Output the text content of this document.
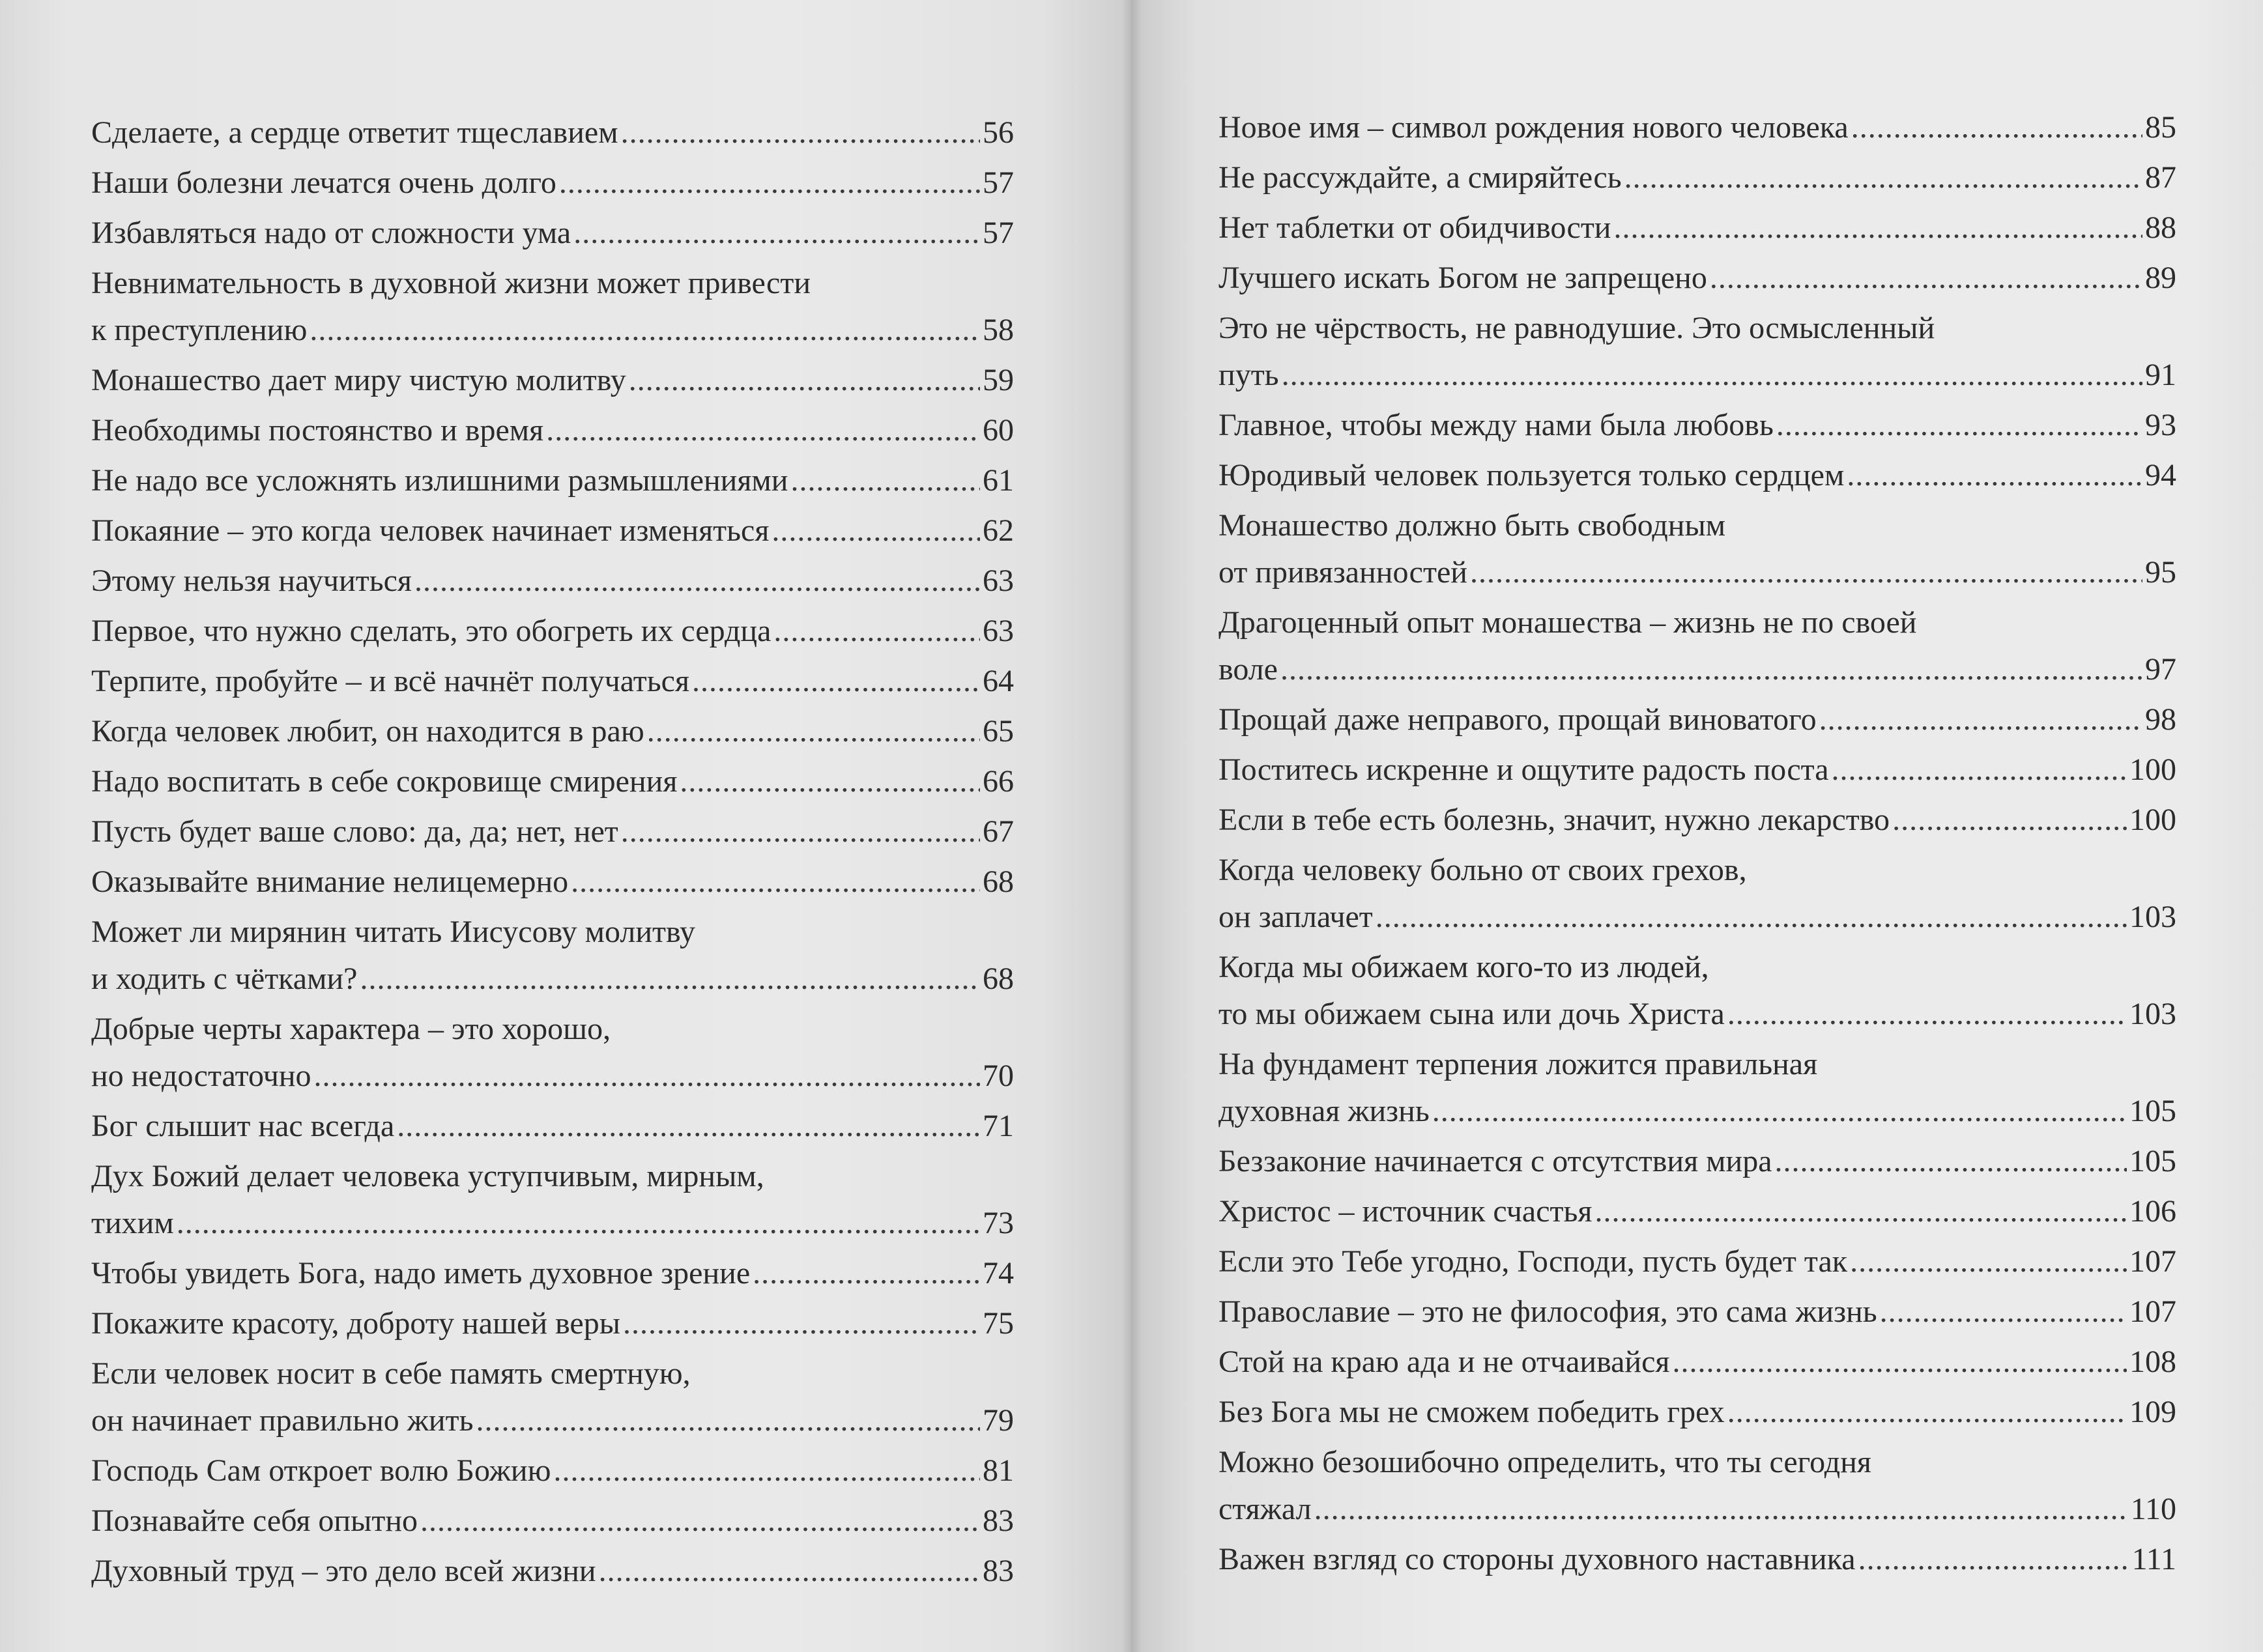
Сделаете, а сердце ответит тщеславием .....	56
Наши болезни лечатся очень долго .....	57
Избавляться надо от сложности ума .....	57
Невнимательность в духовной жизни может привести
к преступлению .....	58
Монашество дает миру чистую молитву .....	59
Необходимы постоянство и время .....	60
Не надо все усложнять излишними размышлениями .....	61
Покаяние – это когда человек начинает изменяться .....	62
Этому нельзя научиться .....	63
Первое, что нужно сделать, это обогреть их сердца .....	63
Терпите, пробуйте – и всё начнёт получаться .....	64
Когда человек любит, он находится в раю .....	65
Надо воспитать в себе сокровище смирения .....	66
Пусть будет ваше слово: да, да; нет, нет .....	67
Оказывайте внимание нелицемерно .....	68
Может ли мирянин читать Иисусову молитву
и ходить с чётками? .....	68
Добрые черты характера – это хорошо,
но недостаточно .....	70
Бог слышит нас всегда .....	71
Дух Божий делает человека уступчивым, мирным,
тихим .....	73
Чтобы увидеть Бога, надо иметь духовное зрение .....	74
Покажите красоту, доброту нашей веры .....	75
Если человек носит в себе память смертную,
он начинает правильно жить .....	79
Господь Сам откроет волю Божию .....	81
Познавайте себя опытно .....	83
Духовный труд – это дело всей жизни .....	83
Новое имя – символ рождения нового человека .....	85
Не рассуждайте, а смиряйтесь .....	87
Нет таблетки от обидчивости .....	88
Лучшего искать Богом не запрещено .....	89
Это не чёрствость, не равнодушие. Это осмысленный
путь .....	91
Главное, чтобы между нами была любовь .....	93
Юродивый человек пользуется только сердцем .....	94
Монашество должно быть свободным
от привязанностей .....	95
Драгоценный опыт монашества – жизнь не по своей
воле .....	97
Прощай даже неправого, прощай виноватого .....	98
Поститесь искренне и ощутите радость поста .....	100
Если в тебе есть болезнь, значит, нужно лекарство .....	100
Когда человеку больно от своих грехов,
он заплачет .....	103
Когда мы обижаем кого-то из людей,
то мы обижаем сына или дочь Христа .....	103
На фундамент терпения ложится правильная
духовная жизнь .....	105
Беззаконие начинается с отсутствия мира .....	105
Христос – источник счастья .....	106
Если это Тебе угодно, Господи, пусть будет так .....	107
Православие – это не философия, это сама жизнь .....	107
Стой на краю ада и не отчаивайся .....	108
Без Бога мы не сможем победить грех .....	109
Можно безошибочно определить, что ты сегодня
стяжал .....	110
Важен взгляд со стороны духовного наставника .....	111
